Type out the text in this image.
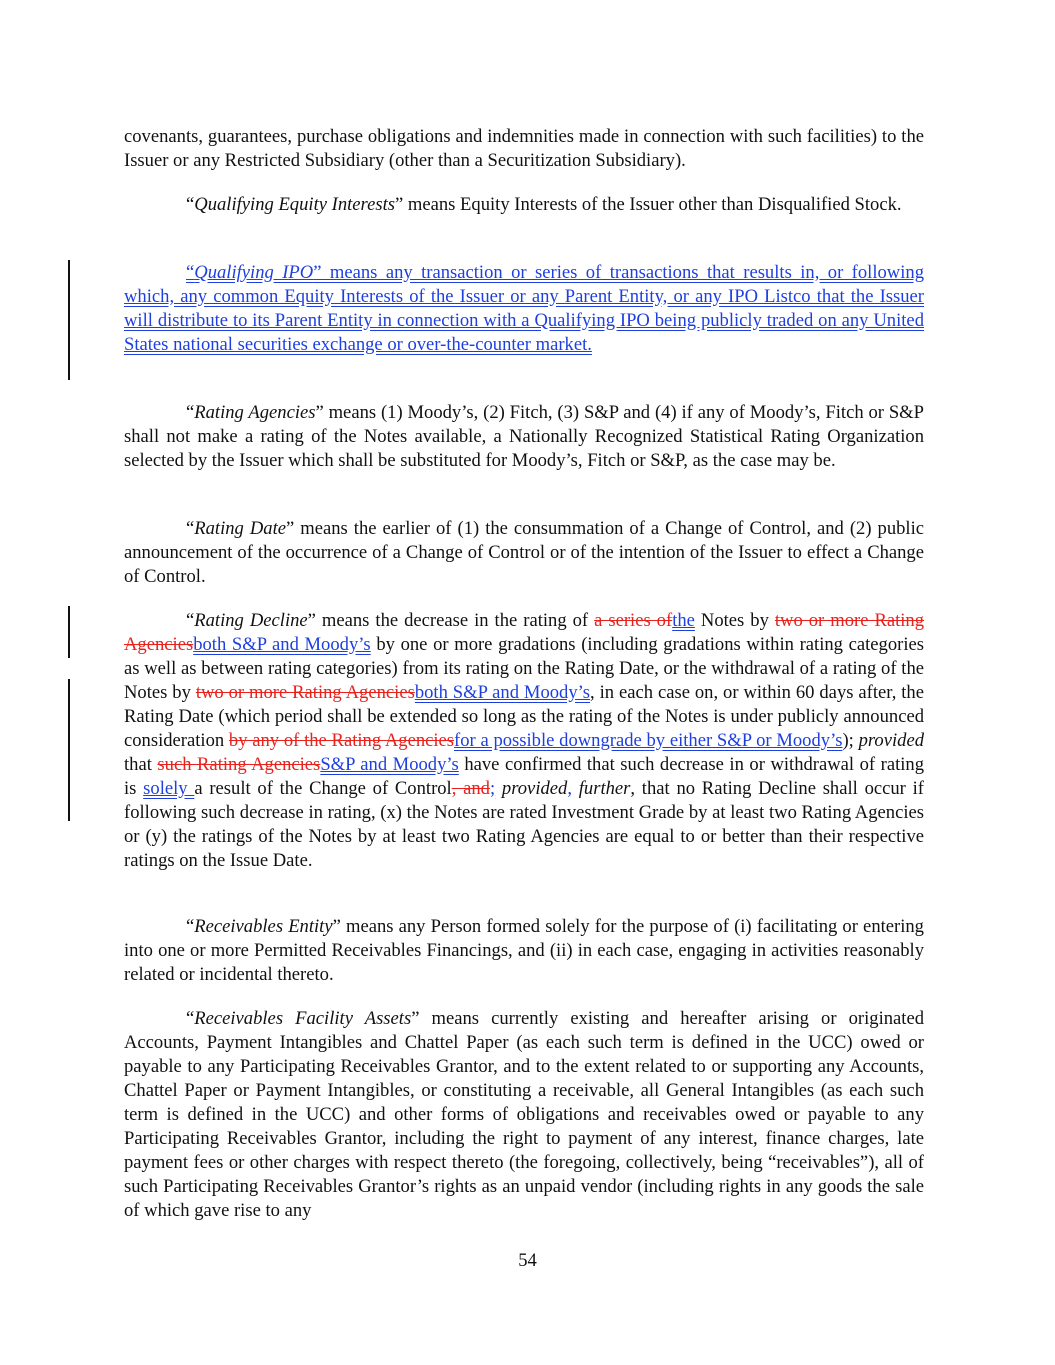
covenants, guarantees, purchase obligations and indemnities made in connection with such facilities) to the Issuer or any Restricted Subsidiary (other than a Securitization Subsidiary).

“Qualifying Equity Interests” means Equity Interests of the Issuer other than Disqualified Stock.

“Qualifying IPO” means any transaction or series of transactions that results in, or following which, any common Equity Interests of the Issuer or any Parent Entity, or any IPO Listco that the Issuer will distribute to its Parent Entity in connection with a Qualifying IPO being publicly traded on any United States national securities exchange or over-the-counter market.

“Rating Agencies” means (1) Moody’s, (2) Fitch, (3) S&P and (4) if any of Moody’s, Fitch or S&P shall not make a rating of the Notes available, a Nationally Recognized Statistical Rating Organization selected by the Issuer which shall be substituted for Moody’s, Fitch or S&P, as the case may be.

“Rating Date” means the earlier of (1) the consummation of a Change of Control, and (2) public announcement of the occurrence of a Change of Control or of the intention of the Issuer to effect a Change of Control.

“Rating Decline” means the decrease in the rating of a series ofthe Notes by two or more Rating Agenciesboth S&P and Moody’s by one or more gradations (including gradations within rating categories as well as between rating categories) from its rating on the Rating Date, or the withdrawal of a rating of the Notes by two or more Rating Agenciesboth S&P and Moody’s, in each case on, or within 60 days after, the Rating Date (which period shall be extended so long as the rating of the Notes is under publicly announced consideration by any of the Rating Agenciesfor a possible downgrade by either S&P or Moody’s); provided that such Rating AgenciesS&P and Moody’s have confirmed that such decrease in or withdrawal of rating is solely a result of the Change of Control, and; provided, further, that no Rating Decline shall occur if following such decrease in rating, (x) the Notes are rated Investment Grade by at least two Rating Agencies or (y) the ratings of the Notes by at least two Rating Agencies are equal to or better than their respective ratings on the Issue Date.

“Receivables Entity” means any Person formed solely for the purpose of (i) facilitating or entering into one or more Permitted Receivables Financings, and (ii) in each case, engaging in activities reasonably related or incidental thereto.

“Receivables Facility Assets” means currently existing and hereafter arising or originated Accounts, Payment Intangibles and Chattel Paper (as each such term is defined in the UCC) owed or payable to any Participating Receivables Grantor, and to the extent related to or supporting any Accounts, Chattel Paper or Payment Intangibles, or constituting a receivable, all General Intangibles (as each such term is defined in the UCC) and other forms of obligations and receivables owed or payable to any Participating Receivables Grantor, including the right to payment of any interest, finance charges, late payment fees or other charges with respect thereto (the foregoing, collectively, being “receivables”), all of such Participating Receivables Grantor’s rights as an unpaid vendor (including rights in any goods the sale of which gave rise to any

54
